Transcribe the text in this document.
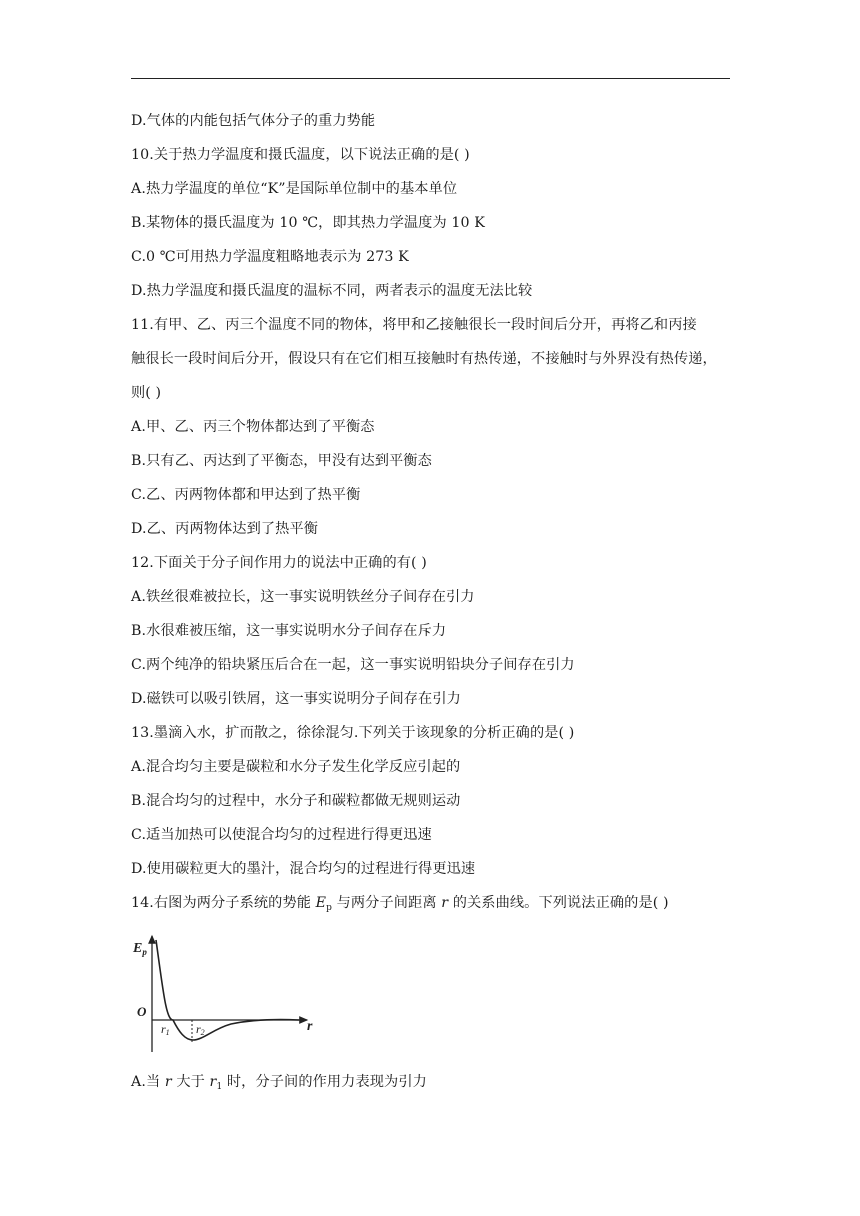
D.气体的内能包括气体分子的重力势能
10.关于热力学温度和摄氏温度，以下说法正确的是( )
A.热力学温度的单位“K”是国际单位制中的基本单位
B.某物体的摄氏温度为 10 ℃，即其热力学温度为 10 K
C.0 ℃可用热力学温度粗略地表示为 273 K
D.热力学温度和摄氏温度的温标不同，两者表示的温度无法比较
11.有甲、乙、丙三个温度不同的物体，将甲和乙接触很长一段时间后分开，再将乙和丙接
触很长一段时间后分开，假设只有在它们相互接触时有热传递，不接触时与外界没有热传递，
则( )
A.甲、乙、丙三个物体都达到了平衡态
B.只有乙、丙达到了平衡态，甲没有达到平衡态
C.乙、丙两物体都和甲达到了热平衡
D.乙、丙两物体达到了热平衡
12.下面关于分子间作用力的说法中正确的有( )
A.铁丝很难被拉长，这一事实说明铁丝分子间存在引力
B.水很难被压缩，这一事实说明水分子间存在斥力
C.两个纯净的铅块紧压后合在一起，这一事实说明铅块分子间存在引力
D.磁铁可以吸引铁屑，这一事实说明分子间存在引力
13.墨滴入水，扩而散之，徐徐混匀.下列关于该现象的分析正确的是( )
A.混合均匀主要是碳粒和水分子发生化学反应引起的
B.混合均匀的过程中，水分子和碳粒都做无规则运动
C.适当加热可以使混合均匀的过程进行得更迅速
D.使用碳粒更大的墨汁，混合均匀的过程进行得更迅速
14.右图为两分子系统的势能 $E_p$ 与两分子间距离 r 的关系曲线。下列说法正确的是( )
$E_p$
O
r
r1 r2
A.当 r 大于 $r_1$ 时，分子间的作用力表现为引力
